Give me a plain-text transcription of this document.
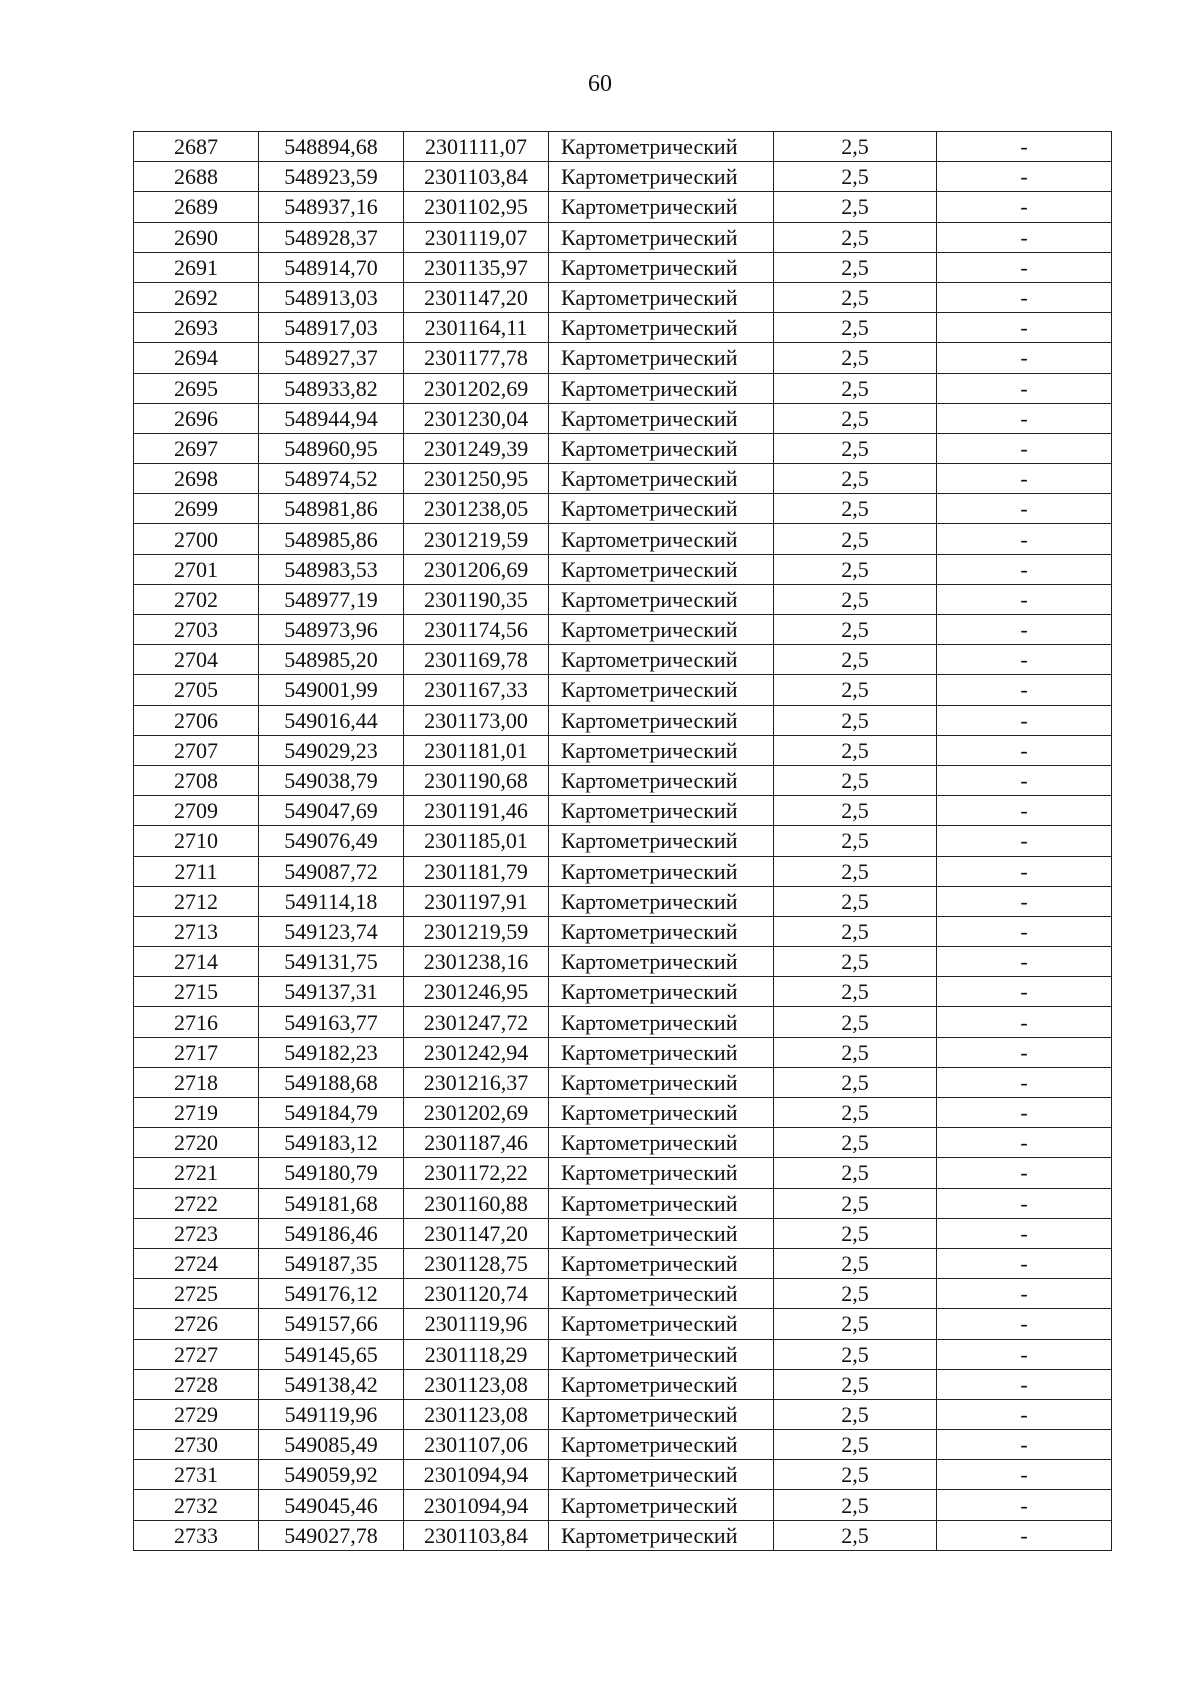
60
2687	548894,68	2301111,07	Картометрический	2,5	-
2688	548923,59	2301103,84	Картометрический	2,5	-
2689	548937,16	2301102,95	Картометрический	2,5	-
2690	548928,37	2301119,07	Картометрический	2,5	-
2691	548914,70	2301135,97	Картометрический	2,5	-
2692	548913,03	2301147,20	Картометрический	2,5	-
2693	548917,03	2301164,11	Картометрический	2,5	-
2694	548927,37	2301177,78	Картометрический	2,5	-
2695	548933,82	2301202,69	Картометрический	2,5	-
2696	548944,94	2301230,04	Картометрический	2,5	-
2697	548960,95	2301249,39	Картометрический	2,5	-
2698	548974,52	2301250,95	Картометрический	2,5	-
2699	548981,86	2301238,05	Картометрический	2,5	-
2700	548985,86	2301219,59	Картометрический	2,5	-
2701	548983,53	2301206,69	Картометрический	2,5	-
2702	548977,19	2301190,35	Картометрический	2,5	-
2703	548973,96	2301174,56	Картометрический	2,5	-
2704	548985,20	2301169,78	Картометрический	2,5	-
2705	549001,99	2301167,33	Картометрический	2,5	-
2706	549016,44	2301173,00	Картометрический	2,5	-
2707	549029,23	2301181,01	Картометрический	2,5	-
2708	549038,79	2301190,68	Картометрический	2,5	-
2709	549047,69	2301191,46	Картометрический	2,5	-
2710	549076,49	2301185,01	Картометрический	2,5	-
2711	549087,72	2301181,79	Картометрический	2,5	-
2712	549114,18	2301197,91	Картометрический	2,5	-
2713	549123,74	2301219,59	Картометрический	2,5	-
2714	549131,75	2301238,16	Картометрический	2,5	-
2715	549137,31	2301246,95	Картометрический	2,5	-
2716	549163,77	2301247,72	Картометрический	2,5	-
2717	549182,23	2301242,94	Картометрический	2,5	-
2718	549188,68	2301216,37	Картометрический	2,5	-
2719	549184,79	2301202,69	Картометрический	2,5	-
2720	549183,12	2301187,46	Картометрический	2,5	-
2721	549180,79	2301172,22	Картометрический	2,5	-
2722	549181,68	2301160,88	Картометрический	2,5	-
2723	549186,46	2301147,20	Картометрический	2,5	-
2724	549187,35	2301128,75	Картометрический	2,5	-
2725	549176,12	2301120,74	Картометрический	2,5	-
2726	549157,66	2301119,96	Картометрический	2,5	-
2727	549145,65	2301118,29	Картометрический	2,5	-
2728	549138,42	2301123,08	Картометрический	2,5	-
2729	549119,96	2301123,08	Картометрический	2,5	-
2730	549085,49	2301107,06	Картометрический	2,5	-
2731	549059,92	2301094,94	Картометрический	2,5	-
2732	549045,46	2301094,94	Картометрический	2,5	-
2733	549027,78	2301103,84	Картометрический	2,5	-
